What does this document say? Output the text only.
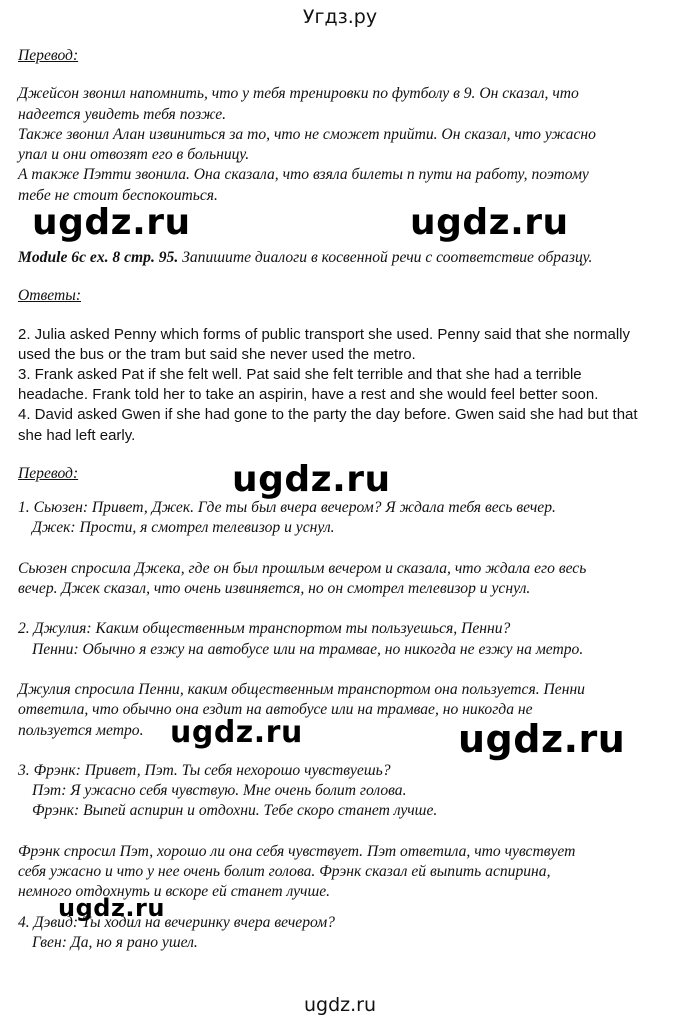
Угдз.ру
Перевод:
Джейсон звонил напомнить, что у тебя тренировки по футболу в 9. Он сказал, что
надеется увидеть тебя позже.
Также звонил Алан извиниться за то, что не сможет прийти. Он сказал, что ужасно
упал и они отвозят его в больницу.
А также Пэтти звонила. Она сказала, что взяла билеты п пути на работу, поэтому
тебе не стоит беспокоиться.
Module 6c ex. 8 стр. 95. Запишите диалоги в косвенной речи с соответствие образцу.
Ответы:
2. Julia asked Penny which forms of public transport she used. Penny said that she normally
used the bus or the tram but said she never used the metro.
3. Frank asked Pat if she felt well. Pat said she felt terrible and that she had a terrible
headache. Frank told her to take an aspirin, have a rest and she would feel better soon.
4. David asked Gwen if she had gone to the party the day before. Gwen said she had but that
she had left early.
Перевод:
1. Сьюзен: Привет, Джек. Где ты был вчера вечером? Я ждала тебя весь вечер.
Джек: Прости, я смотрел телевизор и уснул.
Сьюзен спросила Джека, где он был прошлым вечером и сказала, что ждала его весь
вечер. Джек сказал, что очень извиняется, но он смотрел телевизор и уснул.
2. Джулия: Каким общественным транспортом ты пользуешься, Пенни?
Пенни: Обычно я езжу на автобусе или на трамвае, но никогда не езжу на метро.
Джулия спросила Пенни, каким общественным транспортом она пользуется. Пенни
ответила, что обычно она ездит на автобусе или на трамвае, но никогда не
пользуется метро.
3. Фрэнк: Привет, Пэт. Ты себя нехорошо чувствуешь?
Пэт: Я ужасно себя чувствую. Мне очень болит голова.
Фрэнк: Выпей аспирин и отдохни. Тебе скоро станет лучше.
Фрэнк спросил Пэт, хорошо ли она себя чувствует. Пэт ответила, что чувствует
себя ужасно и что у нее очень болит голова. Фрэнк сказал ей выпить аспирина,
немного отдохнуть и вскоре ей станет лучше.
4. Дэвид: Ты ходил на вечеринку вчера вечером?
Гвен: Да, но я рано ушел.
ugdz.ru	ugdz.ru
ugdz.ru
ugdz.ru	ugdz.ru
ugdz.ru
ugdz.ru
